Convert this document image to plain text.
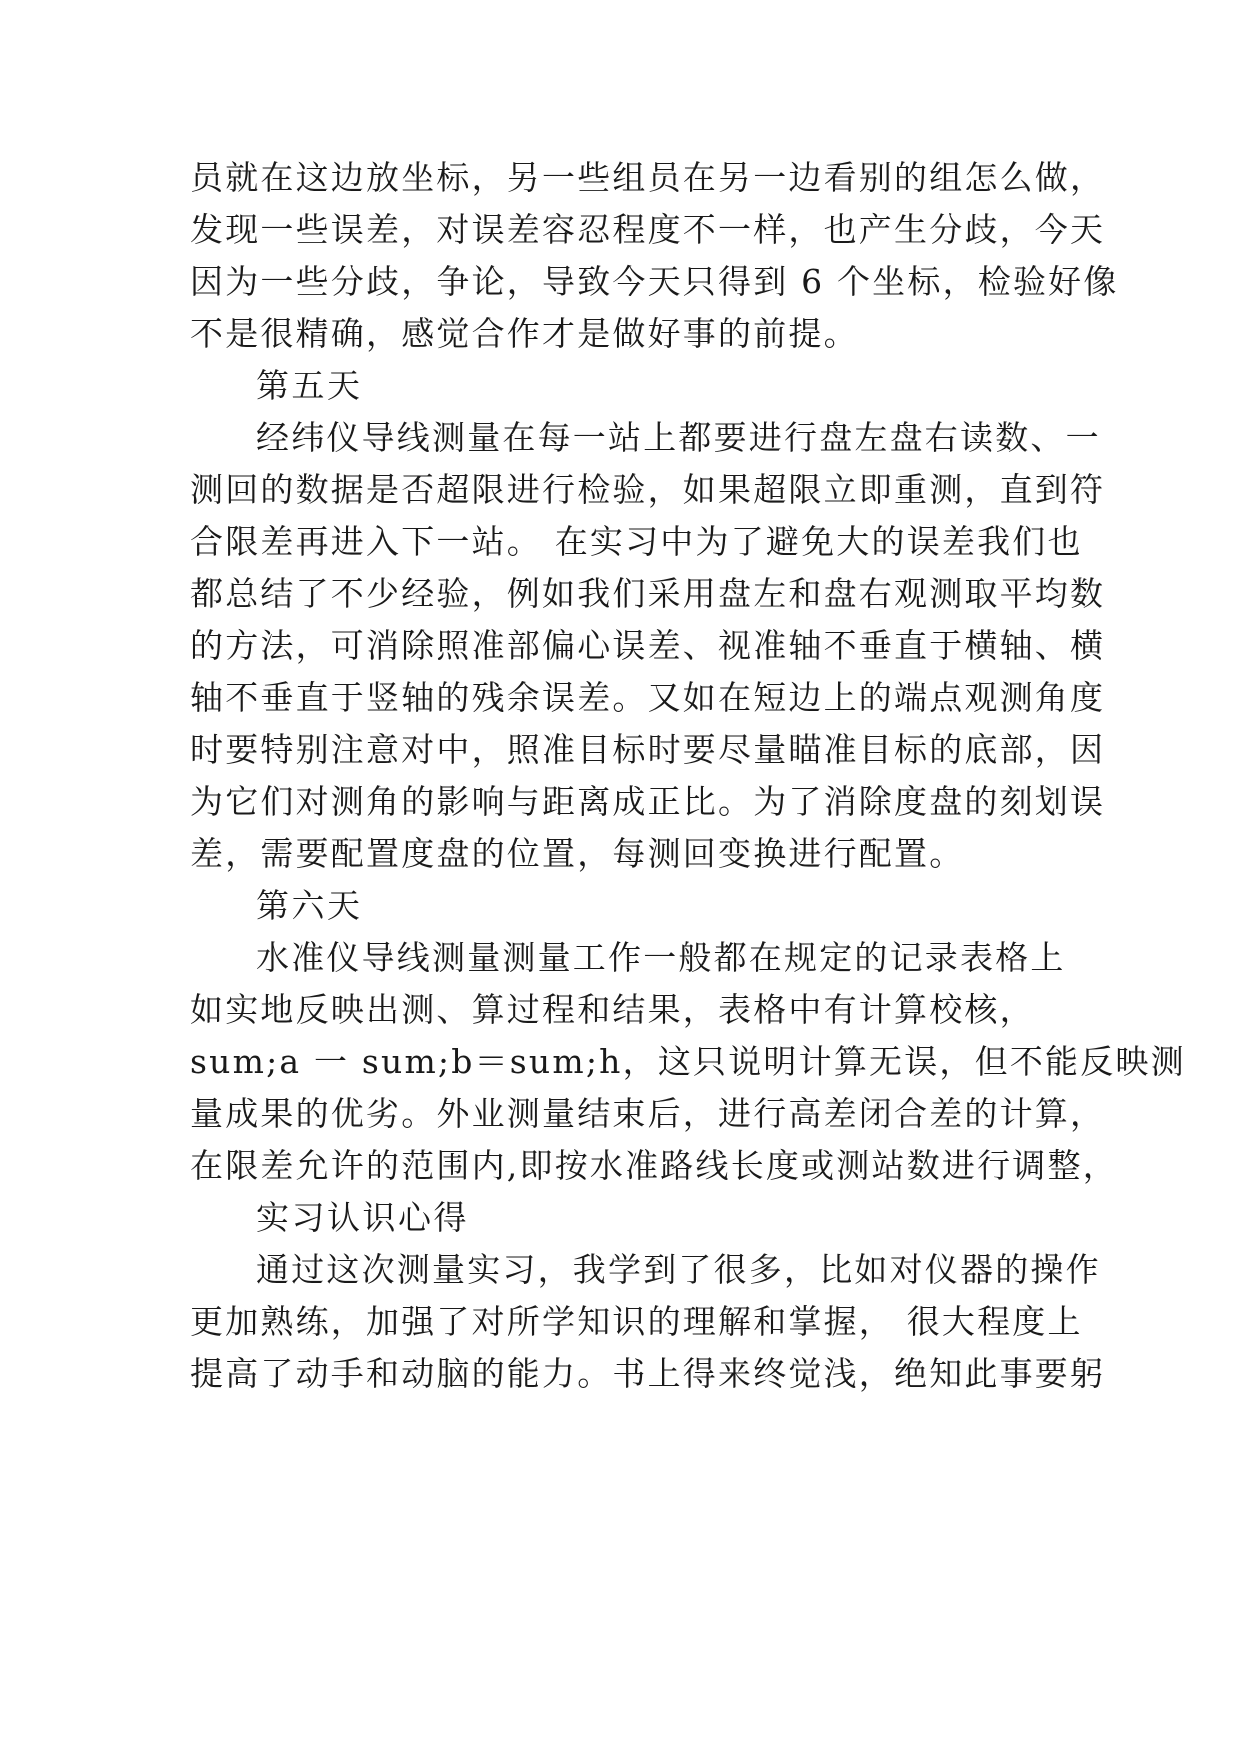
员就在这边放坐标，另一些组员在另一边看别的组怎么做，
发现一些误差，对误差容忍程度不一样，也产生分歧，今天
因为一些分歧，争论，导致今天只得到 6 个坐标，检验好像
不是很精确，感觉合作才是做好事的前提。
第五天
经纬仪导线测量在每一站上都要进行盘左盘右读数、一
测回的数据是否超限进行检验，如果超限立即重测，直到符
合限差再进入下一站。 在实习中为了避免大的误差我们也
都总结了不少经验，例如我们采用盘左和盘右观测取平均数
的方法，可消除照准部偏心误差、视准轴不垂直于横轴、横
轴不垂直于竖轴的残余误差。又如在短边上的端点观测角度
时要特别注意对中，照准目标时要尽量瞄准目标的底部，因
为它们对测角的影响与距离成正比。为了消除度盘的刻划误
差，需要配置度盘的位置，每测回变换进行配置。
第六天
水准仪导线测量测量工作一般都在规定的记录表格上
如实地反映出测、算过程和结果，表格中有计算校核，
sum;a 一 sum;b＝sum;h，这只说明计算无误，但不能反映测
量成果的优劣。外业测量结束后，进行高差闭合差的计算，
在限差允许的范围内,即按水准路线长度或测站数进行调整，
实习认识心得
通过这次测量实习，我学到了很多，比如对仪器的操作
更加熟练，加强了对所学知识的理解和掌握， 很大程度上
提高了动手和动脑的能力。书上得来终觉浅，绝知此事要躬
